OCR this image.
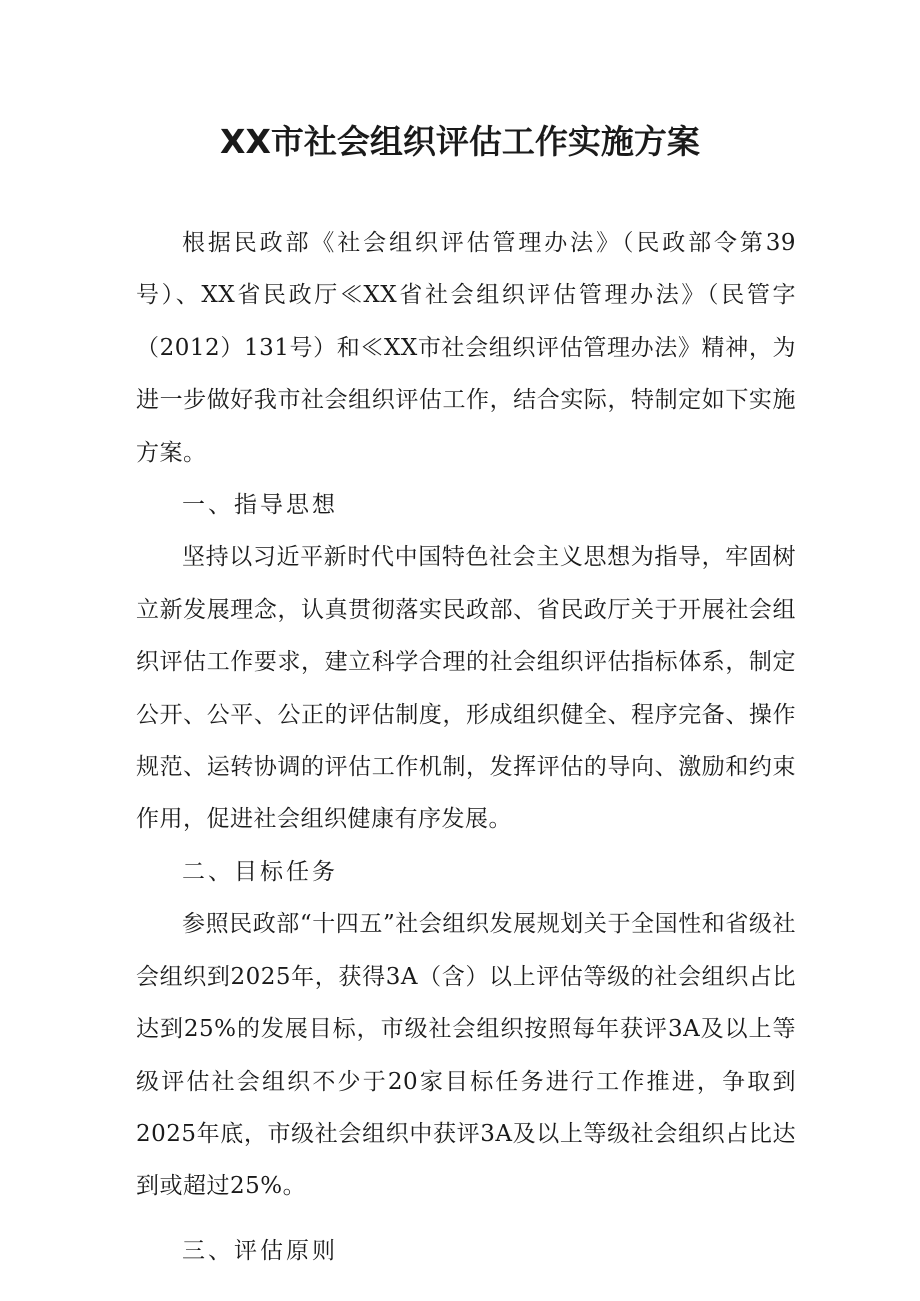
XX市社会组织评估工作实施方案

根据民政部《社会组织评估管理办法》（民政部令第39号）、XX省民政厅≪XX省社会组织评估管理办法》（民管字（2012）131号）和≪XX市社会组织评估管理办法》精神，为进一步做好我市社会组织评估工作，结合实际，特制定如下实施方案。

一、指导思想

坚持以习近平新时代中国特色社会主义思想为指导，牢固树立新发展理念，认真贯彻落实民政部、省民政厅关于开展社会组织评估工作要求，建立科学合理的社会组织评估指标体系，制定公开、公平、公正的评估制度，形成组织健全、程序完备、操作规范、运转协调的评估工作机制，发挥评估的导向、激励和约束作用，促进社会组织健康有序发展。

二、目标任务

参照民政部“十四五”社会组织发展规划关于全国性和省级社会组织到2025年，获得3A（含）以上评估等级的社会组织占比达到25%的发展目标，市级社会组织按照每年获评3A及以上等级评估社会组织不少于20家目标任务进行工作推进，争取到2025年底，市级社会组织中获评3A及以上等级社会组织占比达到或超过25%。

三、评估原则
